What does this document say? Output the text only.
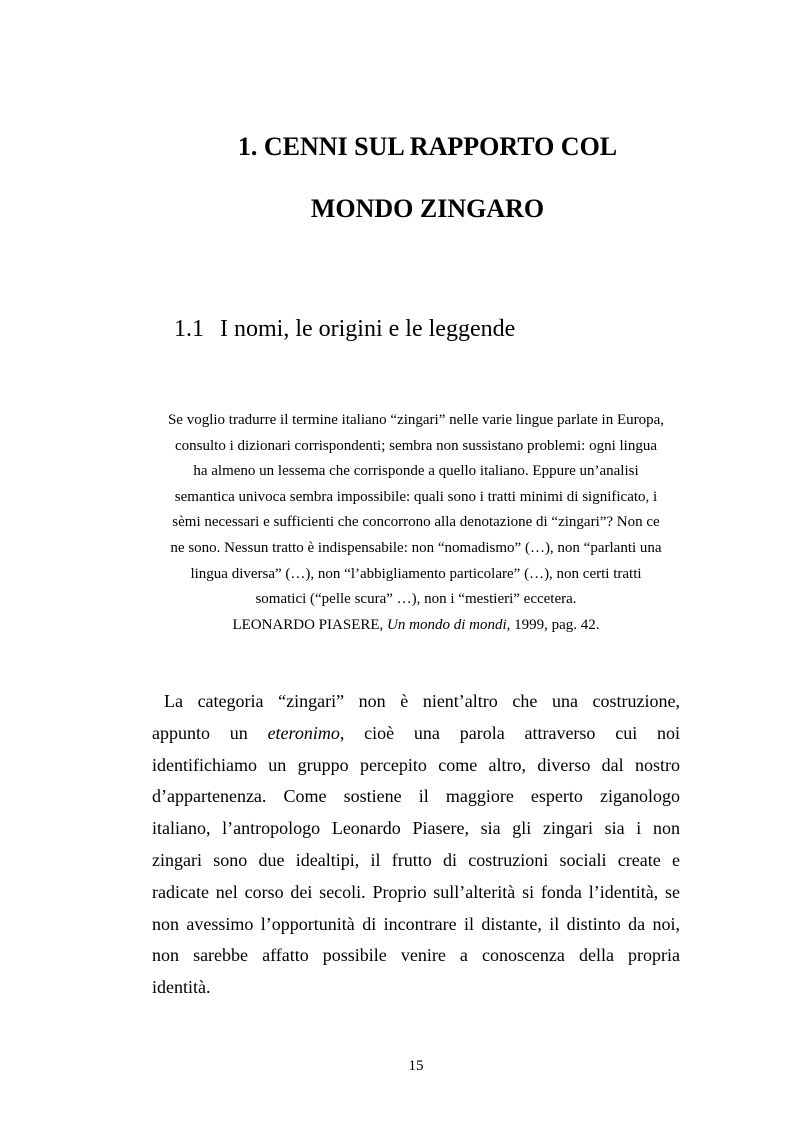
1. CENNI SUL RAPPORTO COL
MONDO ZINGARO
1.1 I nomi, le origini e le leggende
Se voglio tradurre il termine italiano “zingari” nelle varie lingue parlate in Europa,
consulto i dizionari corrispondenti; sembra non sussistano problemi: ogni lingua
ha almeno un lessema che corrisponde a quello italiano. Eppure un’analisi
semantica univoca sembra impossibile: quali sono i tratti minimi di significato, i
sèmi necessari e sufficienti che concorrono alla denotazione di “zingari”? Non ce
ne sono. Nessun tratto è indispensabile: non “nomadismo” (…), non “parlanti una
lingua diversa” (…), non “l’abbigliamento particolare” (…), non certi tratti
somatici (“pelle scura” …), non i “mestieri” eccetera.
LEONARDO PIASERE, Un mondo di mondi, 1999, pag. 42.
La categoria “zingari” non è nient’altro che una costruzione,
appunto un eteronimo, cioè una parola attraverso cui noi
identifichiamo un gruppo percepito come altro, diverso dal nostro
d’appartenenza. Come sostiene il maggiore esperto ziganologo
italiano, l’antropologo Leonardo Piasere, sia gli zingari sia i non
zingari sono due idealtipi, il frutto di costruzioni sociali create e
radicate nel corso dei secoli. Proprio sull’alterità si fonda l’identità, se
non avessimo l’opportunità di incontrare il distante, il distinto da noi,
non sarebbe affatto possibile venire a conoscenza della propria
identità.
15
